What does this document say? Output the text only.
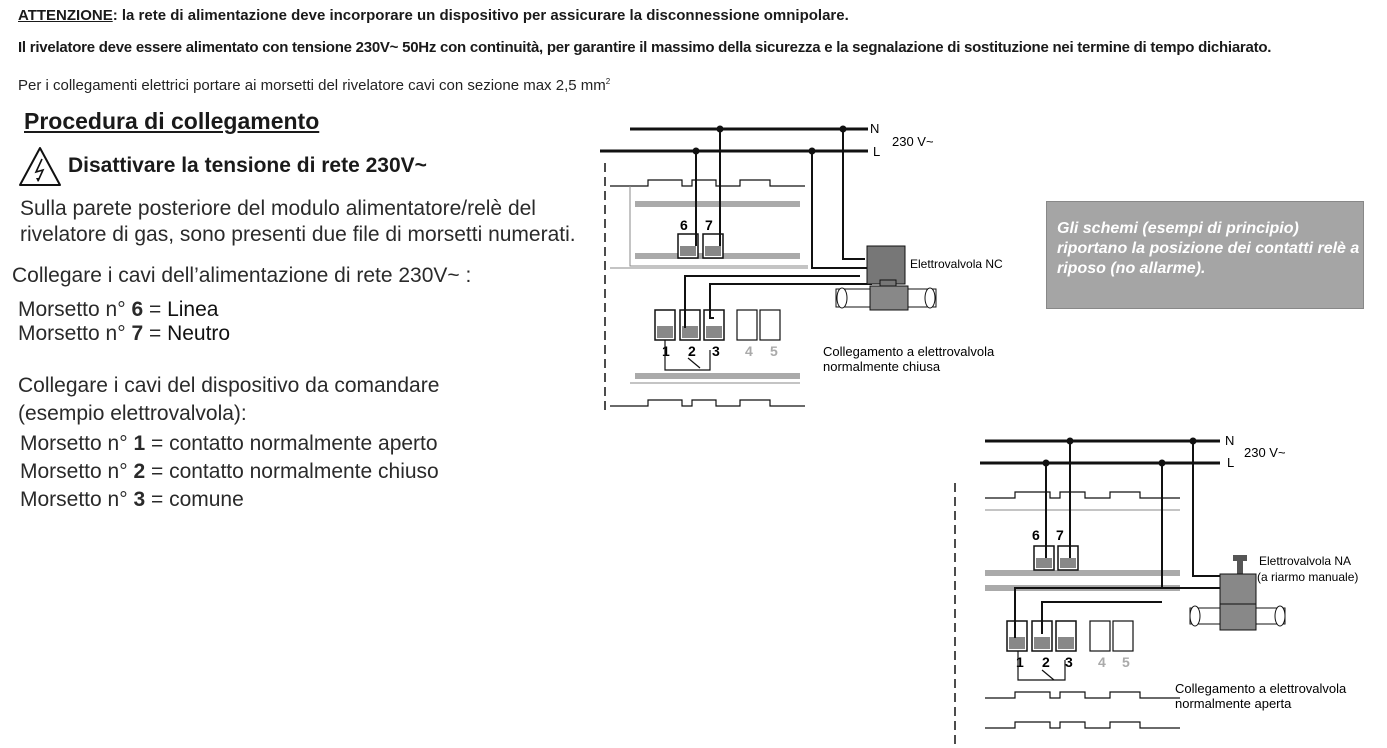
ATTENZIONE: la rete di alimentazione deve incorporare un dispositivo per assicurare la disconnessione omnipolare.
Il rivelatore deve essere alimentato con tensione 230V~ 50Hz con continuità, per garantire il massimo della sicurezza e la segnalazione di sostituzione nei termine di tempo dichiarato.
Per i collegamenti elettrici portare ai morsetti del rivelatore cavi con sezione max 2,5 $mm^2$
Procedura di collegamento
Disattivare la tensione di rete 230V~
Sulla parete posteriore del modulo alimentatore/relè del
rivelatore di gas, sono presenti due file di morsetti numerati.
Collegare i cavi dell’alimentazione di rete 230V~ :
Morsetto n° 6 = Linea
Morsetto n° 7 = Neutro
Collegare i cavi del dispositivo da comandare
(esempio elettrovalvola):
Morsetto n° 1 = contatto normalmente aperto
Morsetto n° 2 = contatto normalmente chiuso
Morsetto n° 3 = comune
Gli schemi (esempi di principio) riportano la posizione dei contatti relè a riposo (no allarme).
6 7
1 2 3 4 5
N
L
230 V~
Elettrovalvola NC
Collegamento a elettrovalvola
normalmente chiusa
6 7
1 2 3 4 5
N
L
230 V~
Elettrovalvola NA
(a riarmo manuale)
Collegamento a elettrovalvola
normalmente aperta
